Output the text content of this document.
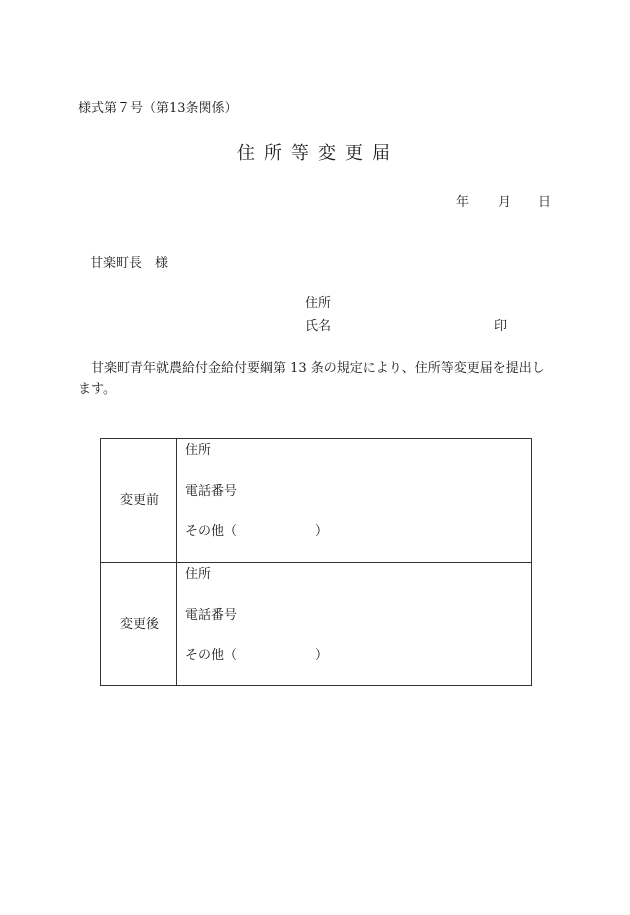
様式第７号（第13条関係）
住所等変更届
年 月 日
甘楽町長　様
住所
氏名	印
甘楽町青年就農給付金給付要綱第 13 条の規定により、住所等変更届を提出します。
変更前
住所
電話番号
その他（　　　　　　）
変更後
住所
電話番号
その他（　　　　　　）
